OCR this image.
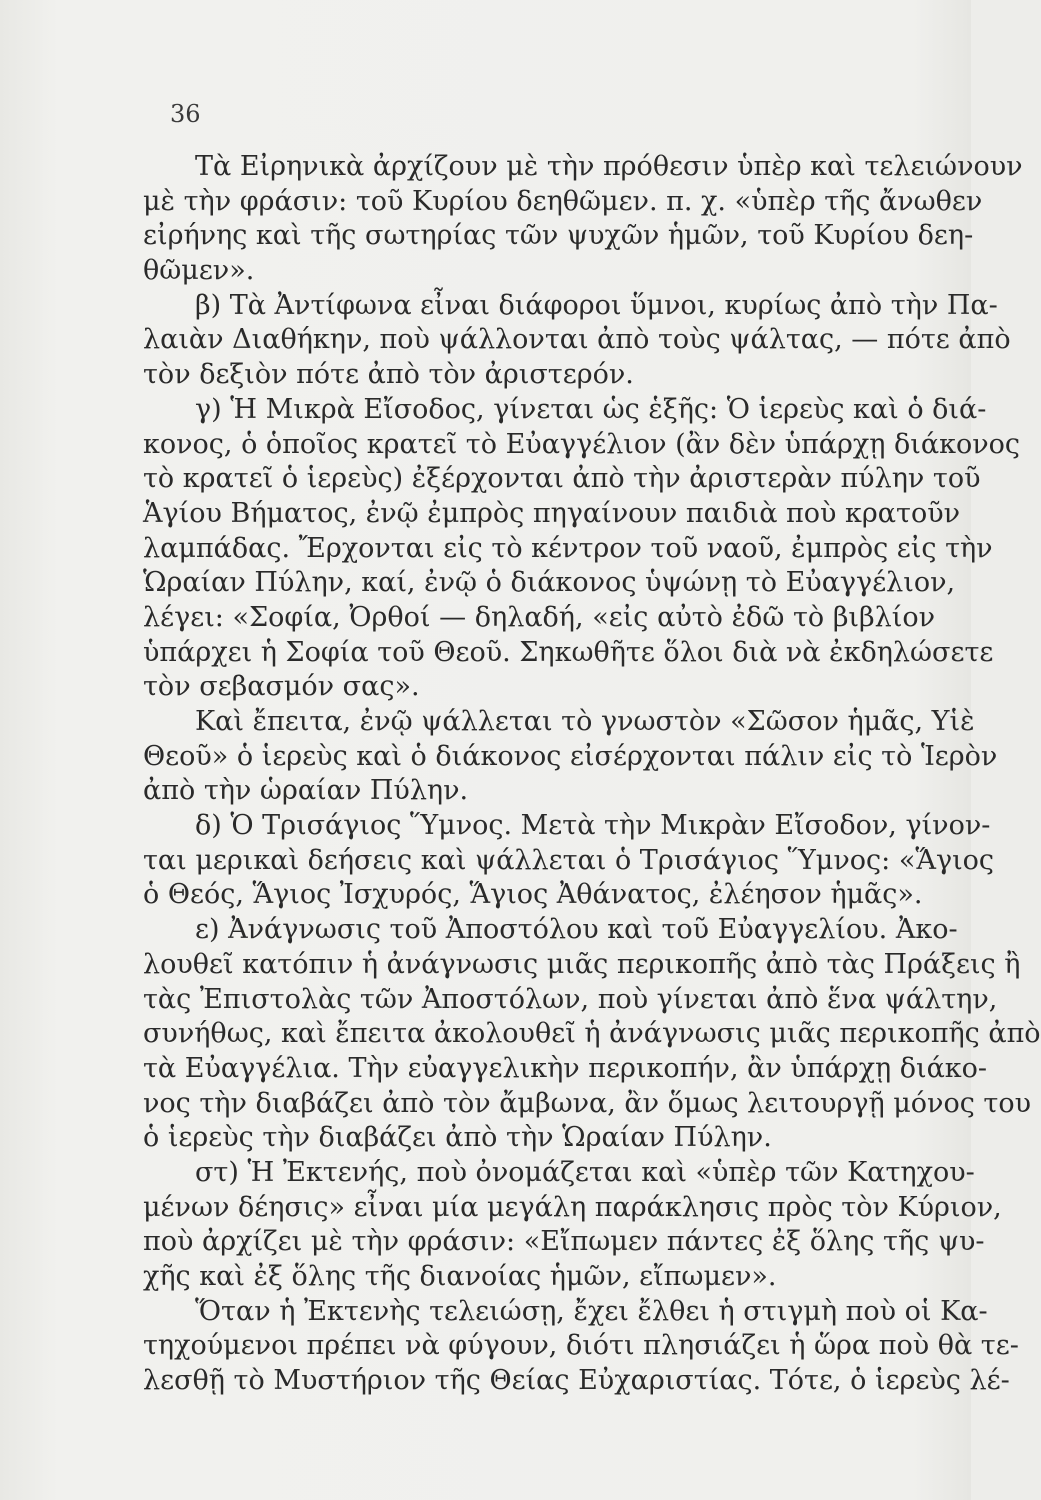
36
Τὰ Εἰρηνικὰ ἀρχίζουν μὲ τὴν πρόθεσιν ὑπὲρ καὶ τελειώνουν
μὲ τὴν φράσιν: τοῦ Κυρίου δεηθῶμεν. π. χ. «ὑπὲρ τῆς ἄνωθεν
εἰρήνης καὶ τῆς σωτηρίας τῶν ψυχῶν ἡμῶν, τοῦ Κυρίου δεη-
θῶμεν».
β) Τὰ Ἀντίφωνα εἶναι διάφοροι ὕμνοι, κυρίως ἀπὸ τὴν Πα-
λαιὰν Διαθήκην, ποὺ ψάλλονται ἀπὸ τοὺς ψάλτας, — πότε ἀπὸ
τὸν δεξιὸν πότε ἀπὸ τὸν ἀριστερόν.
γ) Ἡ Μικρὰ Εἴσοδος, γίνεται ὡς ἑξῆς: Ὁ ἱερεὺς καὶ ὁ διά-
κονος, ὁ ὁποῖος κρατεῖ τὸ Εὐαγγέλιον (ἂν δὲν ὑπάρχῃ διάκονος
τὸ κρατεῖ ὁ ἱερεὺς) ἐξέρχονται ἀπὸ τὴν ἀριστερὰν πύλην τοῦ
Ἁγίου Βήματος, ἐνῷ ἐμπρὸς πηγαίνουν παιδιὰ ποὺ κρατοῦν
λαμπάδας. Ἔρχονται εἰς τὸ κέντρον τοῦ ναοῦ, ἐμπρὸς εἰς τὴν
Ὡραίαν Πύλην, καί, ἐνῷ ὁ διάκονος ὑψώνῃ τὸ Εὐαγγέλιον,
λέγει: «Σοφία, Ὀρθοί — δηλαδή, «εἰς αὐτὸ ἐδῶ τὸ βιβλίον
ὑπάρχει ἡ Σοφία τοῦ Θεοῦ. Σηκωθῆτε ὅλοι διὰ νὰ ἐκδηλώσετε
τὸν σεβασμόν σας».
Καὶ ἔπειτα, ἐνῷ ψάλλεται τὸ γνωστὸν «Σῶσον ἡμᾶς, Υἱὲ
Θεοῦ» ὁ ἱερεὺς καὶ ὁ διάκονος εἰσέρχονται πάλιν εἰς τὸ Ἱερὸν
ἀπὸ τὴν ὡραίαν Πύλην.
δ) Ὁ Τρισάγιος Ὕμνος. Μετὰ τὴν Μικρὰν Εἴσοδον, γίνον-
ται μερικαὶ δεήσεις καὶ ψάλλεται ὁ Τρισάγιος Ὕμνος: «Ἅγιος
ὁ Θεός, Ἅγιος Ἰσχυρός, Ἅγιος Ἀθάνατος, ἐλέησον ἡμᾶς».
ε) Ἀνάγνωσις τοῦ Ἀποστόλου καὶ τοῦ Εὐαγγελίου. Ἀκο-
λουθεῖ κατόπιν ἡ ἀνάγνωσις μιᾶς περικοπῆς ἀπὸ τὰς Πράξεις ἢ
τὰς Ἐπιστολὰς τῶν Ἀποστόλων, ποὺ γίνεται ἀπὸ ἕνα ψάλτην,
συνήθως, καὶ ἔπειτα ἀκολουθεῖ ἡ ἀνάγνωσις μιᾶς περικοπῆς ἀπὸ
τὰ Εὐαγγέλια. Τὴν εὐαγγελικὴν περικοπήν, ἂν ὑπάρχῃ διάκο-
νος τὴν διαβάζει ἀπὸ τὸν ἄμβωνα, ἂν ὅμως λειτουργῇ μόνος του
ὁ ἱερεὺς τὴν διαβάζει ἀπὸ τὴν Ὡραίαν Πύλην.
στ) Ἡ Ἐκτενής, ποὺ ὀνομάζεται καὶ «ὑπὲρ τῶν Κατηχου-
μένων δέησις» εἶναι μία μεγάλη παράκλησις πρὸς τὸν Κύριον,
ποὺ ἀρχίζει μὲ τὴν φράσιν: «Εἴπωμεν πάντες ἐξ ὅλης τῆς ψυ-
χῆς καὶ ἐξ ὅλης τῆς διανοίας ἡμῶν, εἴπωμεν».
Ὅταν ἡ Ἐκτενὴς τελειώσῃ, ἔχει ἔλθει ἡ στιγμὴ ποὺ οἱ Κα-
τηχούμενοι πρέπει νὰ φύγουν, διότι πλησιάζει ἡ ὥρα ποὺ θὰ τε-
λεσθῇ τὸ Μυστήριον τῆς Θείας Εὐχαριστίας. Τότε, ὁ ἱερεὺς λέ-
